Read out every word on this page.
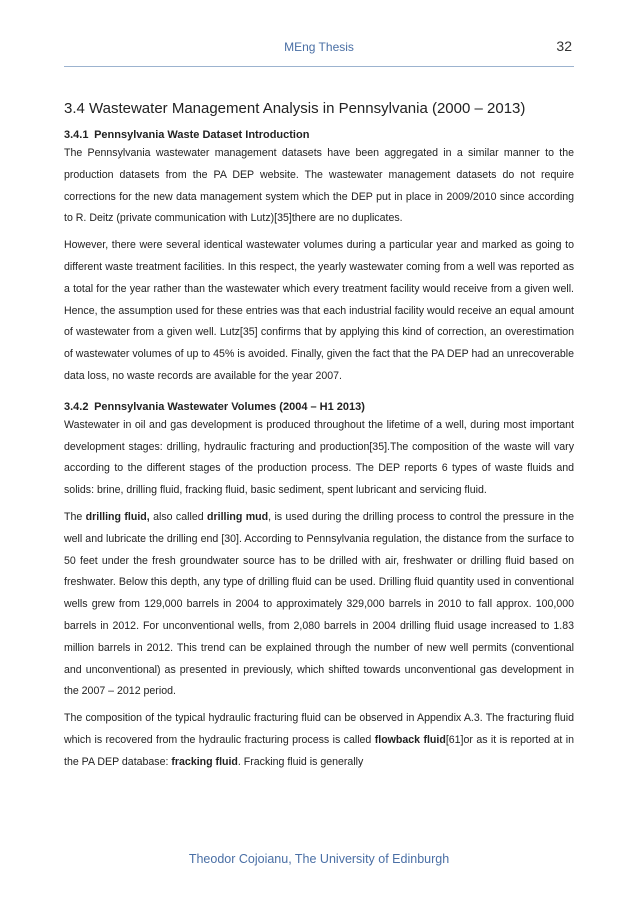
MEng Thesis	32
3.4 Wastewater Management Analysis in Pennsylvania (2000 – 2013)
3.4.1 Pennsylvania Waste Dataset Introduction

The Pennsylvania wastewater management datasets have been aggregated in a similar manner to the production datasets from the PA DEP website. The wastewater management datasets do not require corrections for the new data management system which the DEP put in place in 2009/2010 since according to R. Deitz (private communication with Lutz)[35]there are no duplicates.

However, there were several identical wastewater volumes during a particular year and marked as going to different waste treatment facilities. In this respect, the yearly wastewater coming from a well was reported as a total for the year rather than the wastewater which every treatment facility would receive from a given well. Hence, the assumption used for these entries was that each industrial facility would receive an equal amount of wastewater from a given well. Lutz[35] confirms that by applying this kind of correction, an overestimation of wastewater volumes of up to 45% is avoided. Finally, given the fact that the PA DEP had an unrecoverable data loss, no waste records are available for the year 2007.

3.4.2 Pennsylvania Wastewater Volumes (2004 – H1 2013)

Wastewater in oil and gas development is produced throughout the lifetime of a well, during most important development stages: drilling, hydraulic fracturing and production[35].The composition of the waste will vary according to the different stages of the production process. The DEP reports 6 types of waste fluids and solids: brine, drilling fluid, fracking fluid, basic sediment, spent lubricant and servicing fluid.

The drilling fluid, also called drilling mud, is used during the drilling process to control the pressure in the well and lubricate the drilling end [30]. According to Pennsylvania regulation, the distance from the surface to 50 feet under the fresh groundwater source has to be drilled with air, freshwater or drilling fluid based on freshwater. Below this depth, any type of drilling fluid can be used. Drilling fluid quantity used in conventional wells grew from 129,000 barrels in 2004 to approximately 329,000 barrels in 2010 to fall approx. 100,000 barrels in 2012. For unconventional wells, from 2,080 barrels in 2004 drilling fluid usage increased to 1.83 million barrels in 2012. This trend can be explained through the number of new well permits (conventional and unconventional) as presented in previously, which shifted towards unconventional gas development in the 2007 – 2012 period.

The composition of the typical hydraulic fracturing fluid can be observed in Appendix A.3. The fracturing fluid which is recovered from the hydraulic fracturing process is called flowback fluid[61]or as it is reported at in the PA DEP database: fracking fluid. Fracking fluid is generally

Theodor Cojoianu, The University of Edinburgh
